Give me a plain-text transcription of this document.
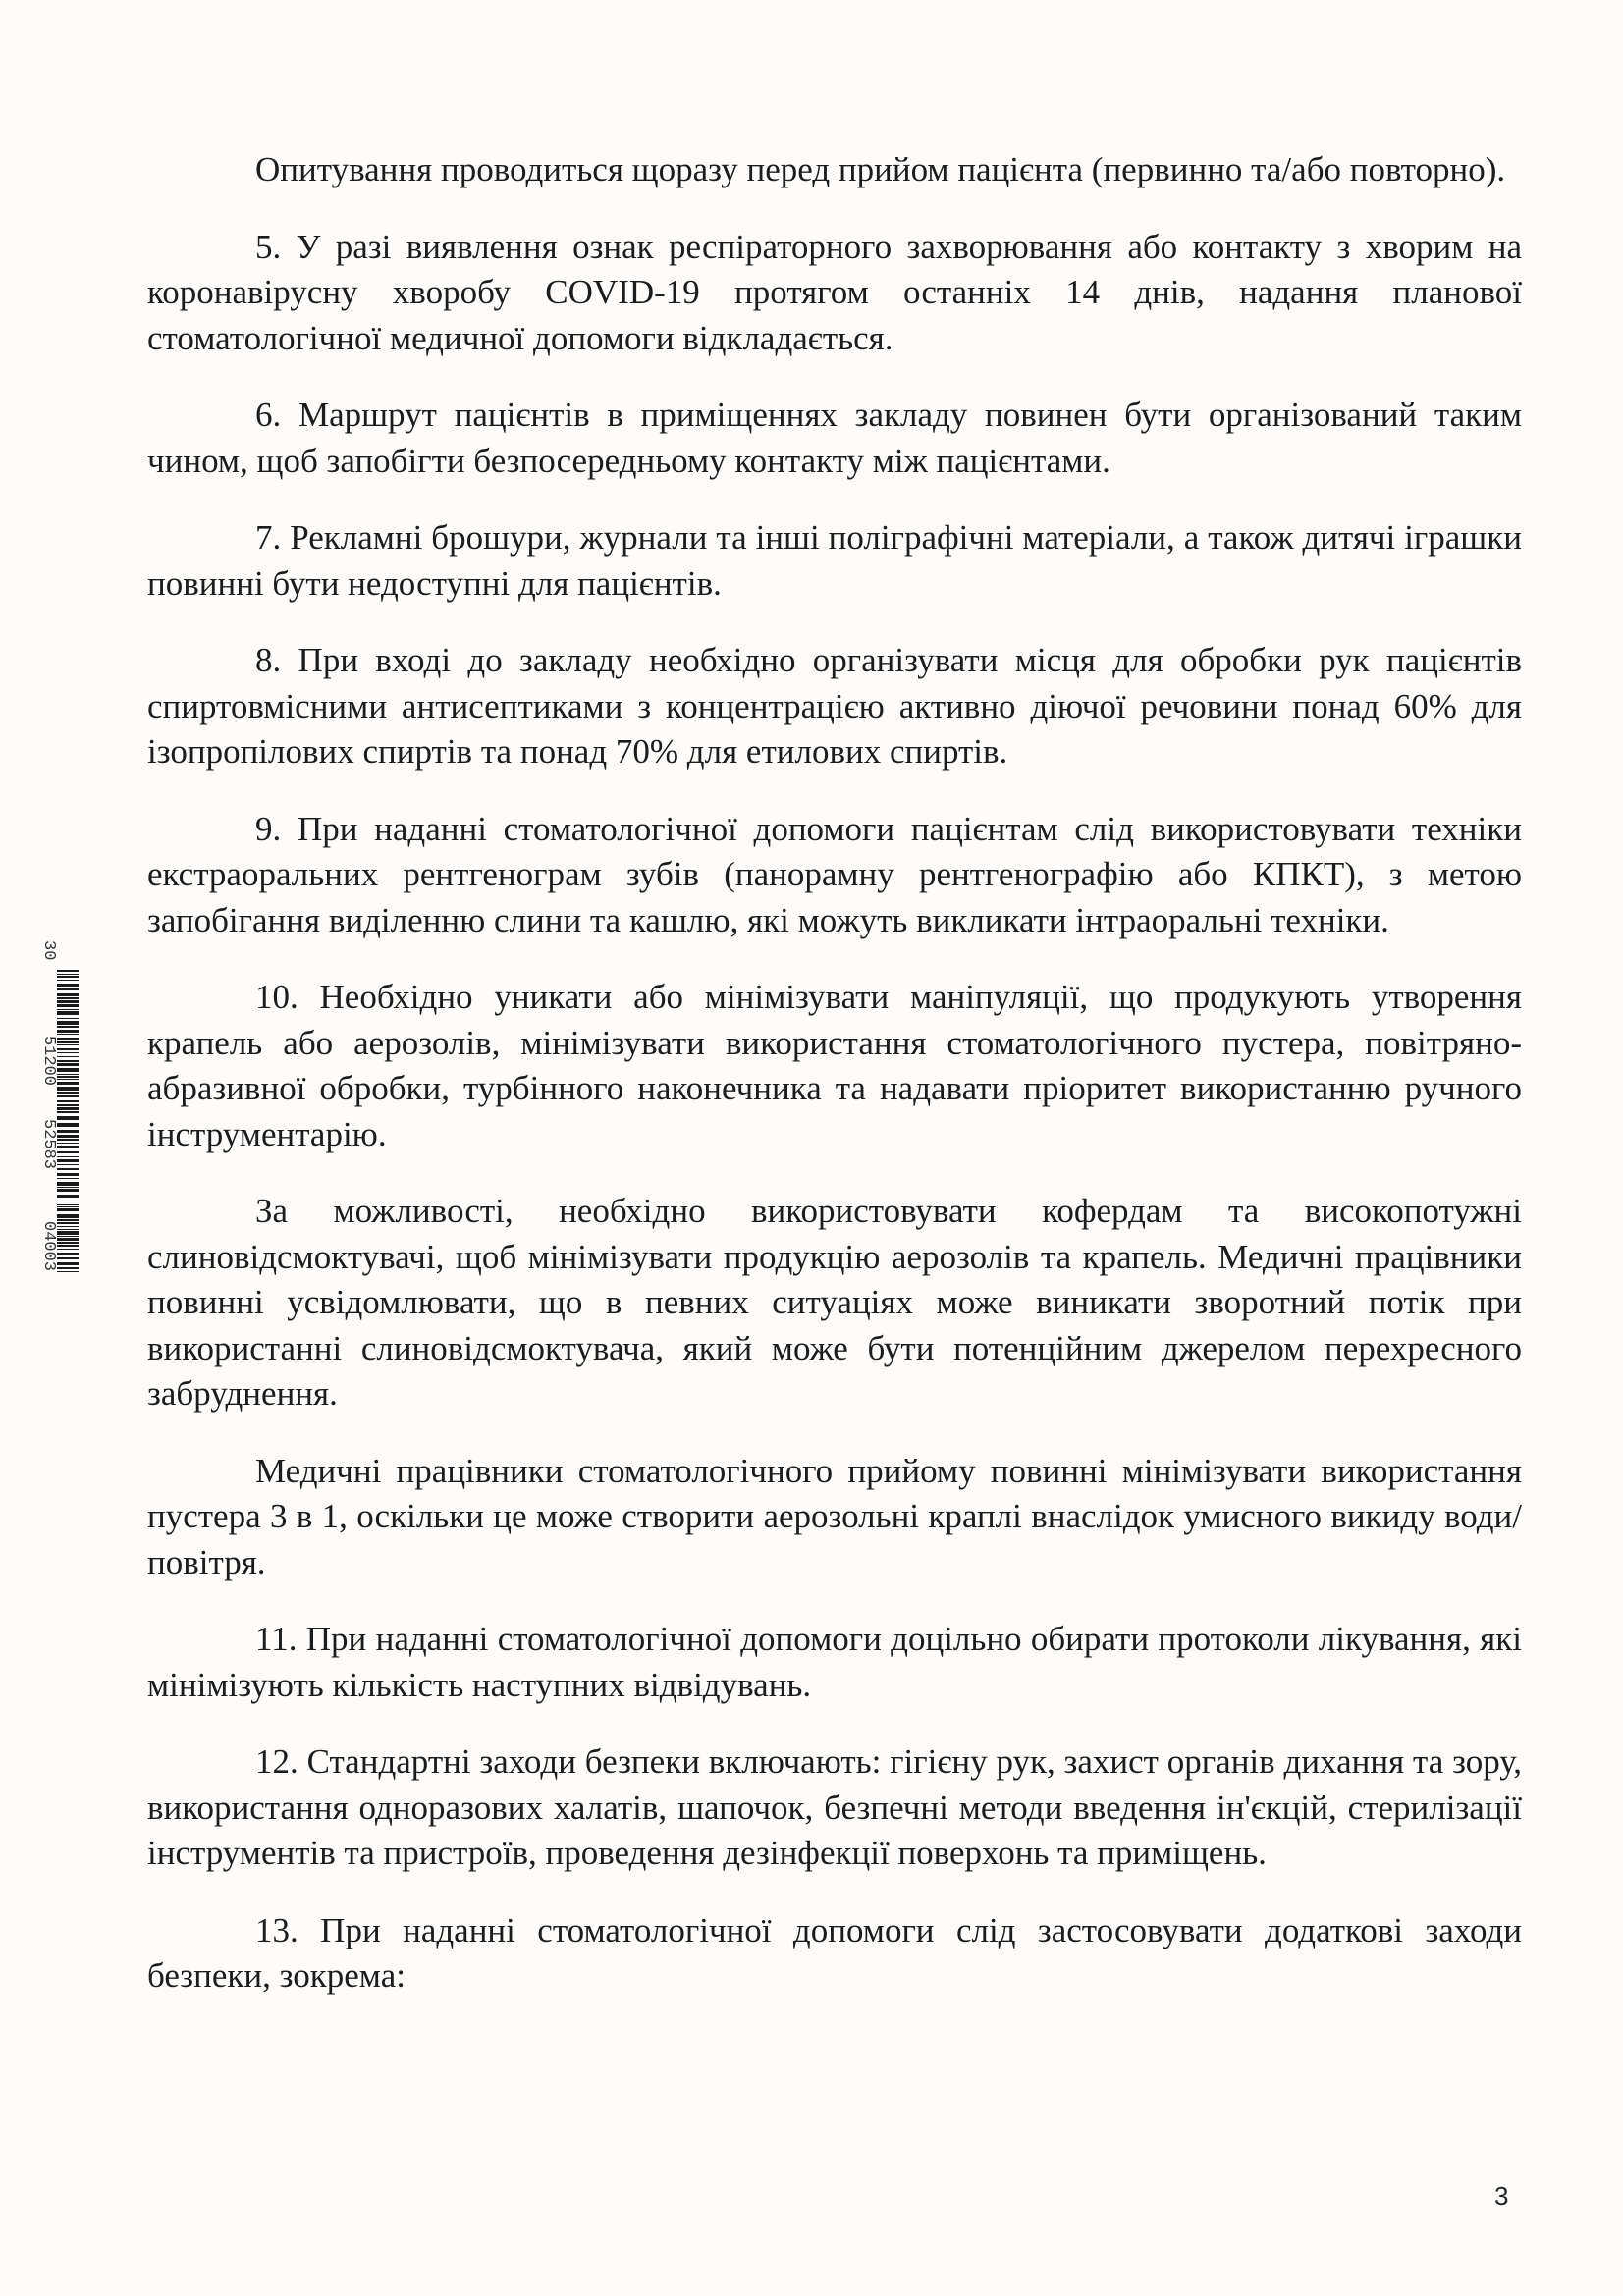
Опитування проводиться щоразу перед прийом пацієнта (первинно та/або повторно).

5. У разі виявлення ознак респіраторного захворювання або контакту з хворим на коронавірусну хворобу COVID-19 протягом останніх 14 днів, надання планової стоматологічної медичної допомоги відкладається.

6. Маршрут пацієнтів в приміщеннях закладу повинен бути організований таким чином, щоб запобігти безпосередньому контакту між пацієнтами.

7. Рекламні брошури, журнали та інші поліграфічні матеріали, а також дитячі іграшки повинні бути недоступні для пацієнтів.

8. При вході до закладу необхідно організувати місця для обробки рук пацієнтів спиртовмісними антисептиками з концентрацією активно діючої речовини понад 60% для ізопропілових спиртів та понад 70% для етилових спиртів.

9. При наданні стоматологічної допомоги пацієнтам слід використовувати техніки екстраоральних рентгенограм зубів (панорамну рентгенографію або КПКТ), з метою запобігання виділенню слини та кашлю, які можуть викликати інтраоральні техніки.

10. Необхідно уникати або мінімізувати маніпуляції, що продукують утворення крапель або аерозолів, мінімізувати використання стоматологічного пустера, повітряно-абразивної обробки, турбінного наконечника та надавати пріоритет використанню ручного інструментарію.

За можливості, необхідно використовувати кофердам та високопотужні слиновідсмоктувачі, щоб мінімізувати продукцію аерозолів та крапель. Медичні працівники повинні усвідомлювати, що в певних ситуаціях може виникати зворотний потік при використанні слиновідсмоктувача, який може бути потенційним джерелом перехресного забруднення.

Медичні працівники стоматологічного прийому повинні мінімізувати використання пустера 3 в 1, оскільки це може створити аерозольні краплі внаслідок умисного викиду води/повітря.

11. При наданні стоматологічної допомоги доцільно обирати протоколи лікування, які мінімізують кількість наступних відвідувань.

12. Стандартні заходи безпеки включають: гігієну рук, захист органів дихання та зору, використання одноразових халатів, шапочок, безпечні методи введення ін'єкцій, стерилізації інструментів та пристроїв, проведення дезінфекції поверхонь та приміщень.

13. При наданні стоматологічної допомоги слід застосовувати додаткові заходи безпеки, зокрема:

30
51200
52583
04003
3
